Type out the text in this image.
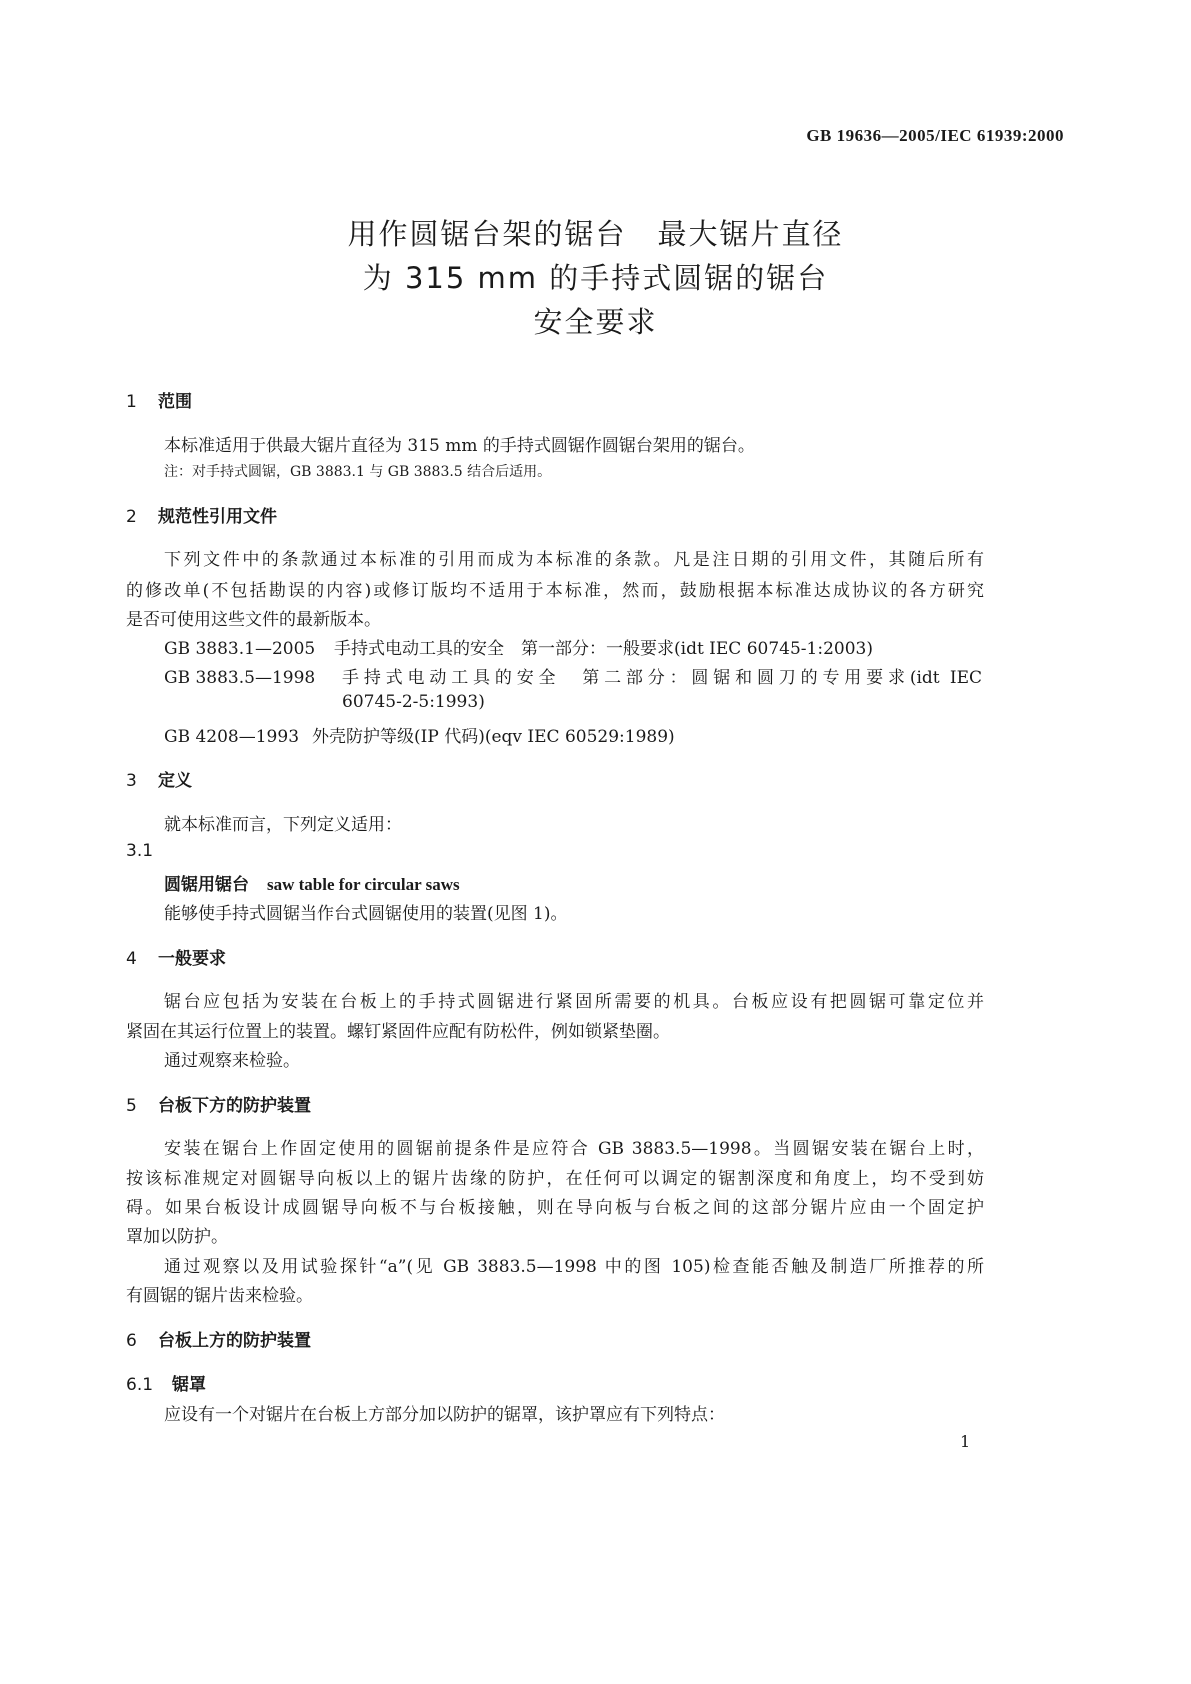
GB 19636—2005/IEC 61939:2000
用作圆锯台架的锯台　最大锯片直径
为 315 mm 的手持式圆锯的锯台
安全要求
1 范围
本标准适用于供最大锯片直径为 315 mm 的手持式圆锯作圆锯台架用的锯台。
注：对手持式圆锯，GB 3883.1 与 GB 3883.5 结合后适用。
2 规范性引用文件
下列文件中的条款通过本标准的引用而成为本标准的条款。凡是注日期的引用文件，其随后所有
的修改单(不包括勘误的内容)或修订版均不适用于本标准，然而，鼓励根据本标准达成协议的各方研究
是否可使用这些文件的最新版本。
GB 3883.1—2005 手持式电动工具的安全　第一部分：一般要求(idt IEC 60745-1:2003)
GB 3883.5—1998 手持式电动工具的安全　第二部分：圆锯和圆刀的专用要求(idt IEC
60745-2-5:1993)
GB 4208—1993 外壳防护等级(IP 代码)(eqv IEC 60529:1989)
3 定义
就本标准而言，下列定义适用：
3.1
圆锯用锯台 saw table for circular saws
能够使手持式圆锯当作台式圆锯使用的装置(见图 1)。
4 一般要求
锯台应包括为安装在台板上的手持式圆锯进行紧固所需要的机具。台板应设有把圆锯可靠定位并
紧固在其运行位置上的装置。螺钉紧固件应配有防松件，例如锁紧垫圈。
通过观察来检验。
5 台板下方的防护装置
安装在锯台上作固定使用的圆锯前提条件是应符合 GB 3883.5—1998。当圆锯安装在锯台上时，
按该标准规定对圆锯导向板以上的锯片齿缘的防护，在任何可以调定的锯割深度和角度上，均不受到妨
碍。如果台板设计成圆锯导向板不与台板接触，则在导向板与台板之间的这部分锯片应由一个固定护
罩加以防护。
通过观察以及用试验探针“a”(见 GB 3883.5—1998 中的图 105)检查能否触及制造厂所推荐的所
有圆锯的锯片齿来检验。
6 台板上方的防护装置
6.1 锯罩
应设有一个对锯片在台板上方部分加以防护的锯罩，该护罩应有下列特点：
1
